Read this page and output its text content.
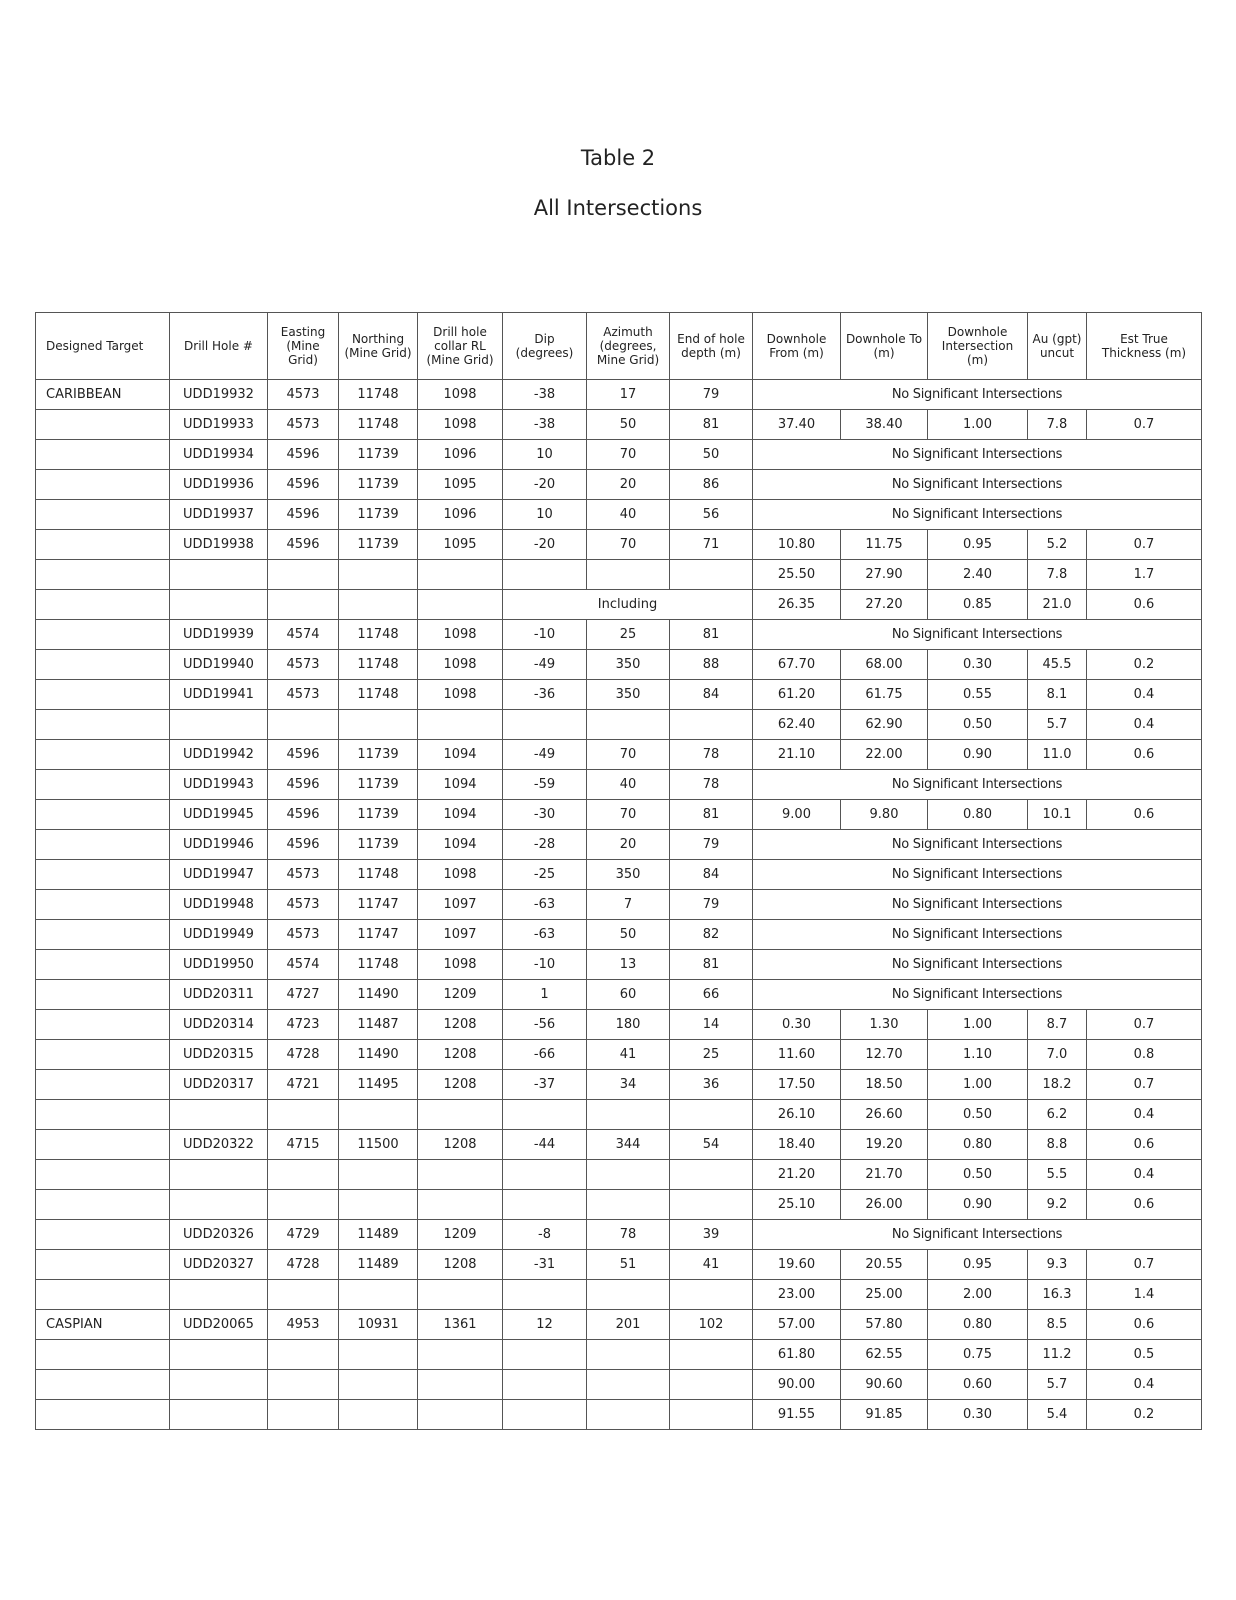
Table 2
All Intersections
Designed Target	Drill Hole #	Easting (Mine Grid)	Northing (Mine Grid)	Drill hole collar RL (Mine Grid)	Dip (degrees)	Azimuth (degrees, Mine Grid)	End of hole depth (m)	Downhole From (m)	Downhole To (m)	Downhole Intersection (m)	Au (gpt) uncut	Est True Thickness (m)
CARIBBEAN	UDD19932	4573	11748	1098	-38	17	79	No Significant Intersections				
	UDD19933	4573	11748	1098	-38	50	81	37.40	38.40	1.00	7.8	0.7
	UDD19934	4596	11739	1096	10	70	50	No Significant Intersections				
	UDD19936	4596	11739	1095	-20	20	86	No Significant Intersections				
	UDD19937	4596	11739	1096	10	40	56	No Significant Intersections				
	UDD19938	4596	11739	1095	-20	70	71	10.80	11.75	0.95	5.2	0.7
								25.50	27.90	2.40	7.8	1.7
					Including			26.35	27.20	0.85	21.0	0.6
	UDD19939	4574	11748	1098	-10	25	81	No Significant Intersections				
	UDD19940	4573	11748	1098	-49	350	88	67.70	68.00	0.30	45.5	0.2
	UDD19941	4573	11748	1098	-36	350	84	61.20	61.75	0.55	8.1	0.4
								62.40	62.90	0.50	5.7	0.4
	UDD19942	4596	11739	1094	-49	70	78	21.10	22.00	0.90	11.0	0.6
	UDD19943	4596	11739	1094	-59	40	78	No Significant Intersections				
	UDD19945	4596	11739	1094	-30	70	81	9.00	9.80	0.80	10.1	0.6
	UDD19946	4596	11739	1094	-28	20	79	No Significant Intersections				
	UDD19947	4573	11748	1098	-25	350	84	No Significant Intersections				
	UDD19948	4573	11747	1097	-63	7	79	No Significant Intersections				
	UDD19949	4573	11747	1097	-63	50	82	No Significant Intersections				
	UDD19950	4574	11748	1098	-10	13	81	No Significant Intersections				
	UDD20311	4727	11490	1209	1	60	66	No Significant Intersections				
	UDD20314	4723	11487	1208	-56	180	14	0.30	1.30	1.00	8.7	0.7
	UDD20315	4728	11490	1208	-66	41	25	11.60	12.70	1.10	7.0	0.8
	UDD20317	4721	11495	1208	-37	34	36	17.50	18.50	1.00	18.2	0.7
								26.10	26.60	0.50	6.2	0.4
	UDD20322	4715	11500	1208	-44	344	54	18.40	19.20	0.80	8.8	0.6
								21.20	21.70	0.50	5.5	0.4
								25.10	26.00	0.90	9.2	0.6
	UDD20326	4729	11489	1209	-8	78	39	No Significant Intersections				
	UDD20327	4728	11489	1208	-31	51	41	19.60	20.55	0.95	9.3	0.7
								23.00	25.00	2.00	16.3	1.4
CASPIAN	UDD20065	4953	10931	1361	12	201	102	57.00	57.80	0.80	8.5	0.6
								61.80	62.55	0.75	11.2	0.5
								90.00	90.60	0.60	5.7	0.4
								91.55	91.85	0.30	5.4	0.2
